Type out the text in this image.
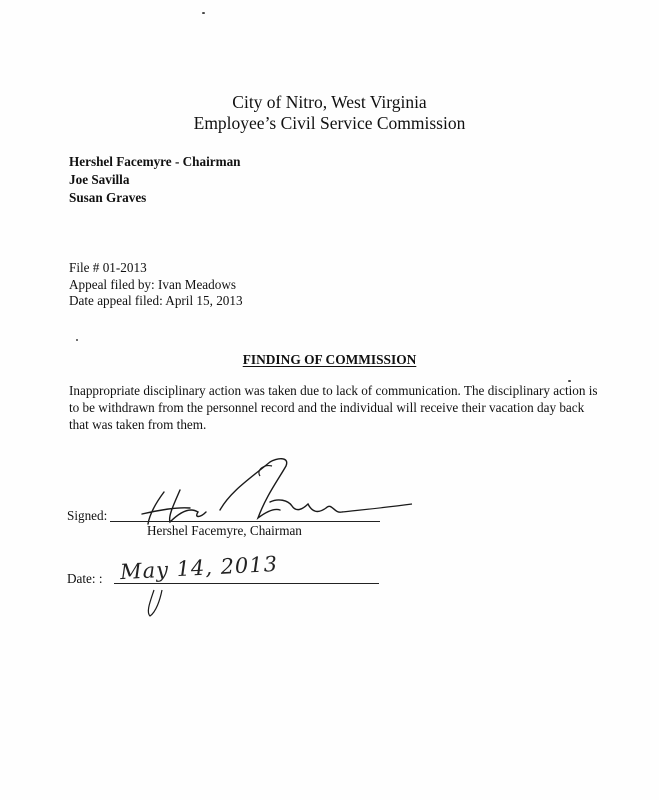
City of Nitro, West Virginia
Employee’s Civil Service Commission
Hershel Facemyre - Chairman
Joe Savilla
Susan Graves
File # 01-2013
Appeal filed by: Ivan Meadows
Date appeal filed: April 15, 2013
FINDING OF COMMISSION
Inappropriate disciplinary action was taken due to lack of communication. The disciplinary action is to be withdrawn from the personnel record and the individual will receive their vacation day back that was taken from them.
Signed:
Hershel Facemyre, Chairman
Date: : May 14, 2013
